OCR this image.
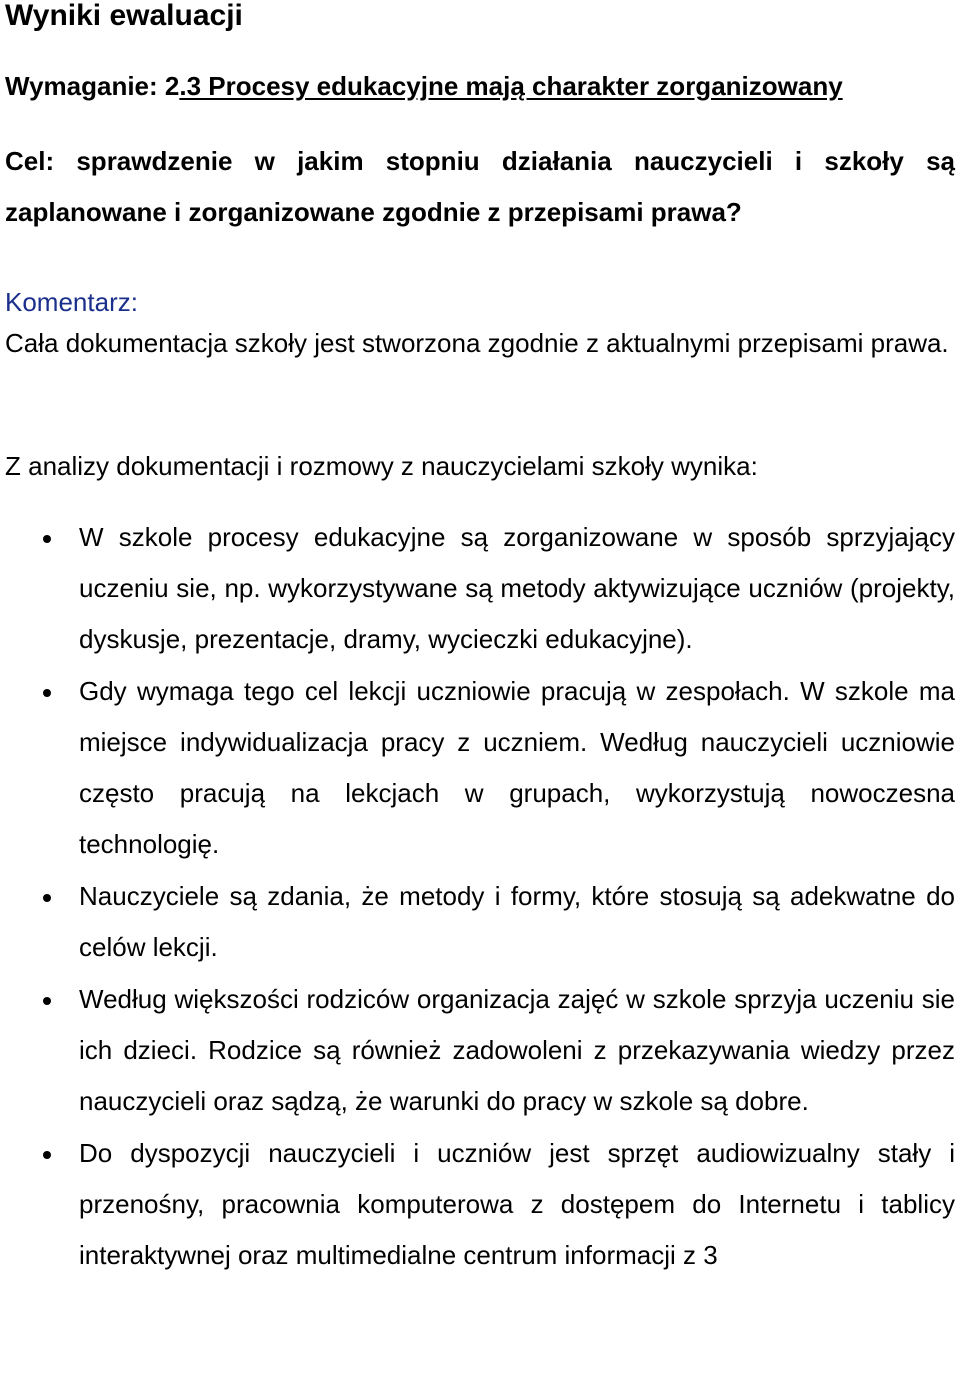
Wyniki ewaluacji

Wymaganie: 2.3 Procesy edukacyjne mają charakter zorganizowany

Cel: sprawdzenie w jakim stopniu działania nauczycieli i szkoły są zaplanowane i zorganizowane zgodnie z przepisami prawa?

Komentarz:

Cała dokumentacja szkoły jest stworzona zgodnie z aktualnymi przepisami prawa.

Z analizy dokumentacji i rozmowy z nauczycielami szkoły wynika:

W szkole procesy edukacyjne są zorganizowane w sposób sprzyjający uczeniu sie, np. wykorzystywane są metody aktywizujące uczniów (projekty, dyskusje, prezentacje, dramy, wycieczki edukacyjne).
Gdy wymaga tego cel lekcji uczniowie pracują w zespołach. W szkole ma miejsce indywidualizacja pracy z uczniem. Według nauczycieli uczniowie często pracują na lekcjach w grupach, wykorzystują nowoczesna technologię.
Nauczyciele są zdania, że metody i formy, które stosują są adekwatne do celów lekcji.
Według większości rodziców organizacja zajęć w szkole sprzyja uczeniu sie ich dzieci. Rodzice są również zadowoleni z przekazywania wiedzy przez nauczycieli oraz sądzą, że warunki do pracy w szkole są dobre.
Do dyspozycji nauczycieli i uczniów jest sprzęt audiowizualny stały i przenośny, pracownia komputerowa z dostępem do Internetu i tablicy interaktywnej oraz multimedialne centrum informacji z 3
